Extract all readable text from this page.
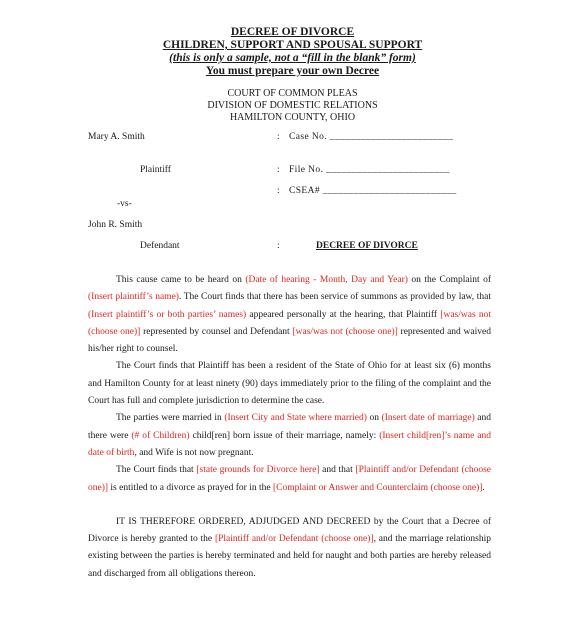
DECREE OF DIVORCE
CHILDREN, SUPPORT AND SPOUSAL SUPPORT
(this is only a sample, not a “fill in the blank” form)
You must prepare your own Decree
COURT OF COMMON PLEAS
DIVISION OF DOMESTIC RELATIONS
HAMILTON COUNTY, OHIO
Mary A. Smith	: Case No. ________________________
Plaintiff	: File No. ________________________
: CSEA# __________________________
-vs-
John R. Smith
Defendant	:	DECREE OF DIVORCE

This cause came to be heard on (Date of hearing - Month, Day and Year) on the Complaint of (Insert plaintiff’s name). The Court finds that there has been service of summons as provided by law, that (Insert plaintiff’s or both parties’ names) appeared personally at the hearing, that Plaintiff [was/was not (choose one)] represented by counsel and Defendant [was/was not (choose one)] represented and waived his/her right to counsel.

The Court finds that Plaintiff has been a resident of the State of Ohio for at least six (6) months and Hamilton County for at least ninety (90) days immediately prior to the filing of the complaint and the Court has full and complete jurisdiction to determine the case.

The parties were married in (Insert City and State where married) on (Insert date of marriage) and there were (# of Children) child[ren] born issue of their marriage, namely: (Insert child[ren]’s name and date of birth, and Wife is not now pregnant.

The Court finds that [state grounds for Divorce here] and that [Plaintiff and/or Defendant (choose one)] is entitled to a divorce as prayed for in the [Complaint or Answer and Counterclaim (choose one)].

IT IS THEREFORE ORDERED, ADJUDGED AND DECREED by the Court that a Decree of Divorce is hereby granted to the [Plaintiff and/or Defendant (choose one)], and the marriage relationship existing between the parties is hereby terminated and held for naught and both parties are hereby released and discharged from all obligations thereon.
